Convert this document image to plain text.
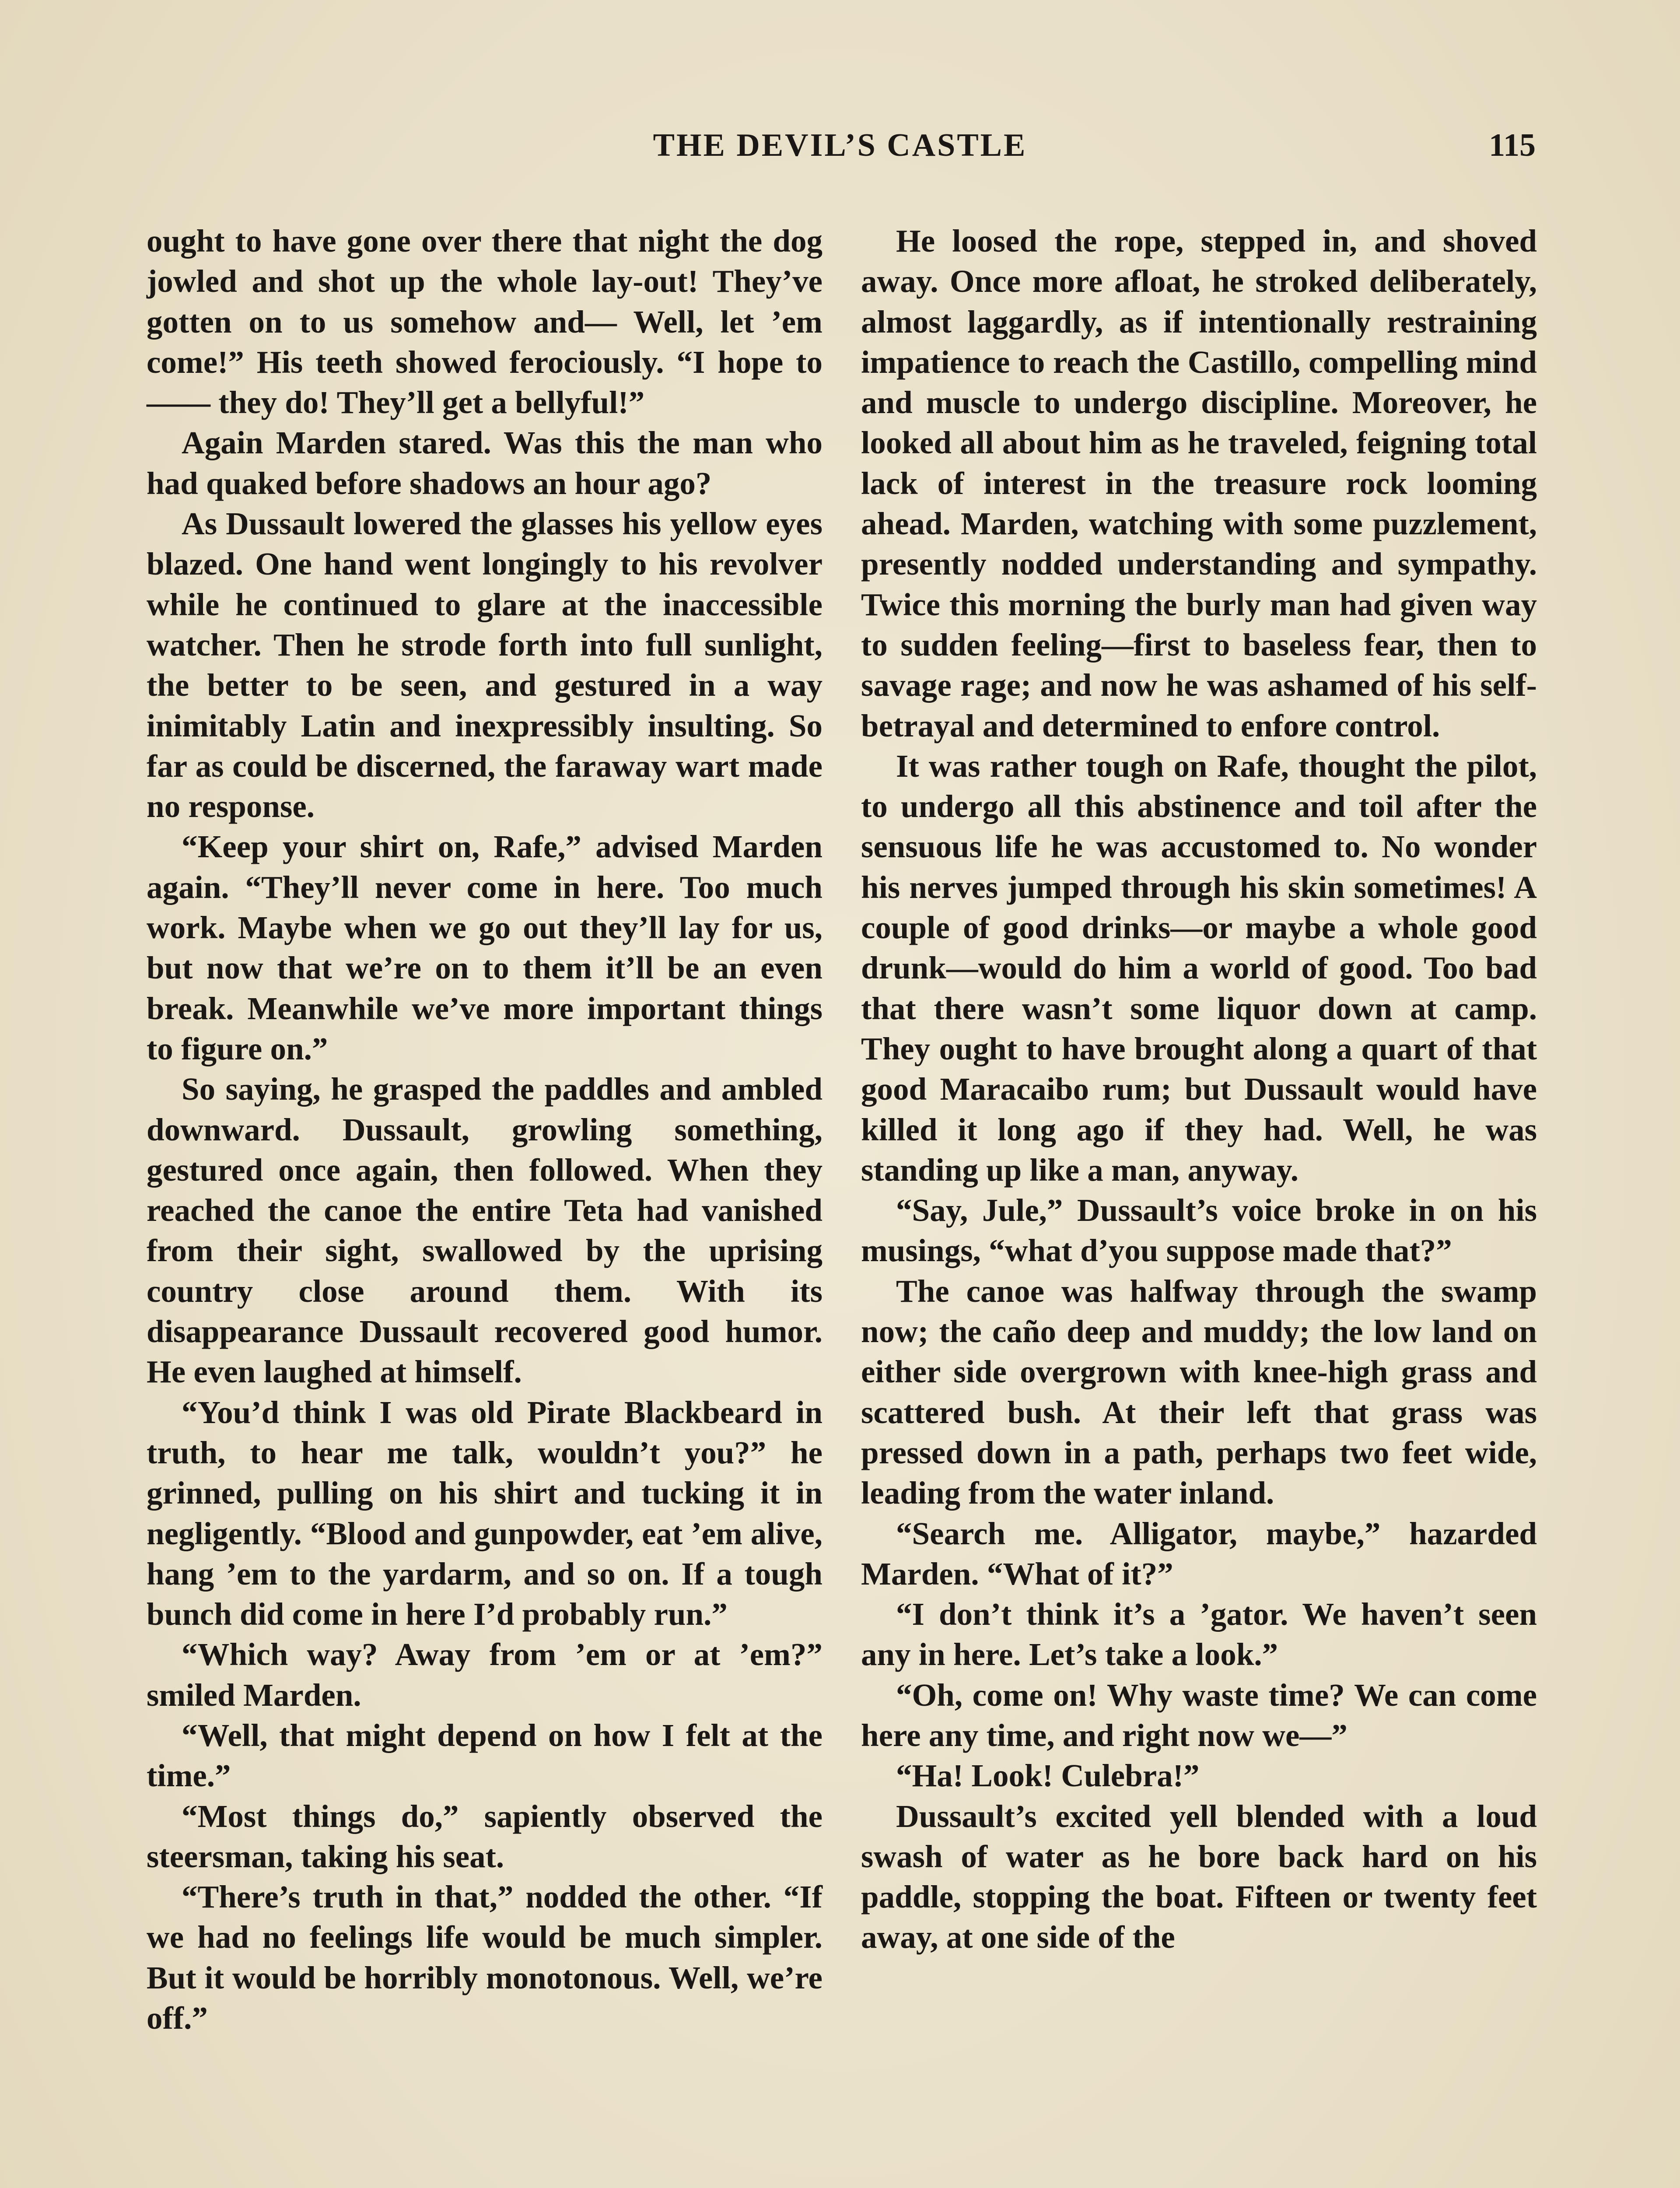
THE DEVIL’S CASTLE	115

ought to have gone over there that night the dog jowled and shot up the whole lay-out! They’ve gotten on to us somehow and— Well, let ’em come!” His teeth showed ferociously. “I hope to —— they do! They’ll get a bellyful!”

Again Marden stared. Was this the man who had quaked before shadows an hour ago?

As Dussault lowered the glasses his yellow eyes blazed. One hand went longingly to his revolver while he continued to glare at the inaccessible watcher. Then he strode forth into full sunlight, the better to be seen, and gestured in a way inimitably Latin and inexpressibly insulting. So far as could be discerned, the faraway wart made no response.

“Keep your shirt on, Rafe,” advised Marden again. “They’ll never come in here. Too much work. Maybe when we go out they’ll lay for us, but now that we’re on to them it’ll be an even break. Meanwhile we’ve more important things to figure on.”

So saying, he grasped the paddles and ambled downward. Dussault, growling something, gestured once again, then followed. When they reached the canoe the entire Teta had vanished from their sight, swallowed by the uprising country close around them. With its disappearance Dussault recovered good humor. He even laughed at himself.

“You’d think I was old Pirate Blackbeard in truth, to hear me talk, wouldn’t you?” he grinned, pulling on his shirt and tucking it in negligently. “Blood and gunpowder, eat ’em alive, hang ’em to the yardarm, and so on. If a tough bunch did come in here I’d probably run.”

“Which way? Away from ’em or at ’em?” smiled Marden.

“Well, that might depend on how I felt at the time.”

“Most things do,” sapiently observed the steersman, taking his seat.

“There’s truth in that,” nodded the other. “If we had no feelings life would be much simpler. But it would be horribly monotonous. Well, we’re off.”

He loosed the rope, stepped in, and shoved away. Once more afloat, he stroked deliberately, almost laggardly, as if intentionally restraining impatience to reach the Castillo, compelling mind and muscle to undergo discipline. Moreover, he looked all about him as he traveled, feigning total lack of interest in the treasure rock looming ahead. Marden, watching with some puzzlement, presently nodded understanding and sympathy. Twice this morning the burly man had given way to sudden feeling—first to baseless fear, then to savage rage; and now he was ashamed of his self-betrayal and determined to enfore control.

It was rather tough on Rafe, thought the pilot, to undergo all this abstinence and toil after the sensuous life he was accustomed to. No wonder his nerves jumped through his skin sometimes! A couple of good drinks—or maybe a whole good drunk—would do him a world of good. Too bad that there wasn’t some liquor down at camp. They ought to have brought along a quart of that good Maracaibo rum; but Dussault would have killed it long ago if they had. Well, he was standing up like a man, anyway.

“Say, Jule,” Dussault’s voice broke in on his musings, “what d’you suppose made that?”

The canoe was halfway through the swamp now; the caño deep and muddy; the low land on either side overgrown with knee-high grass and scattered bush. At their left that grass was pressed down in a path, perhaps two feet wide, leading from the water inland.

“Search me. Alligator, maybe,” hazarded Marden. “What of it?”

“I don’t think it’s a ’gator. We haven’t seen any in here. Let’s take a look.”

“Oh, come on! Why waste time? We can come here any time, and right now we—”

“Ha! Look! Culebra!”

Dussault’s excited yell blended with a loud swash of water as he bore back hard on his paddle, stopping the boat. Fifteen or twenty feet away, at one side of the
